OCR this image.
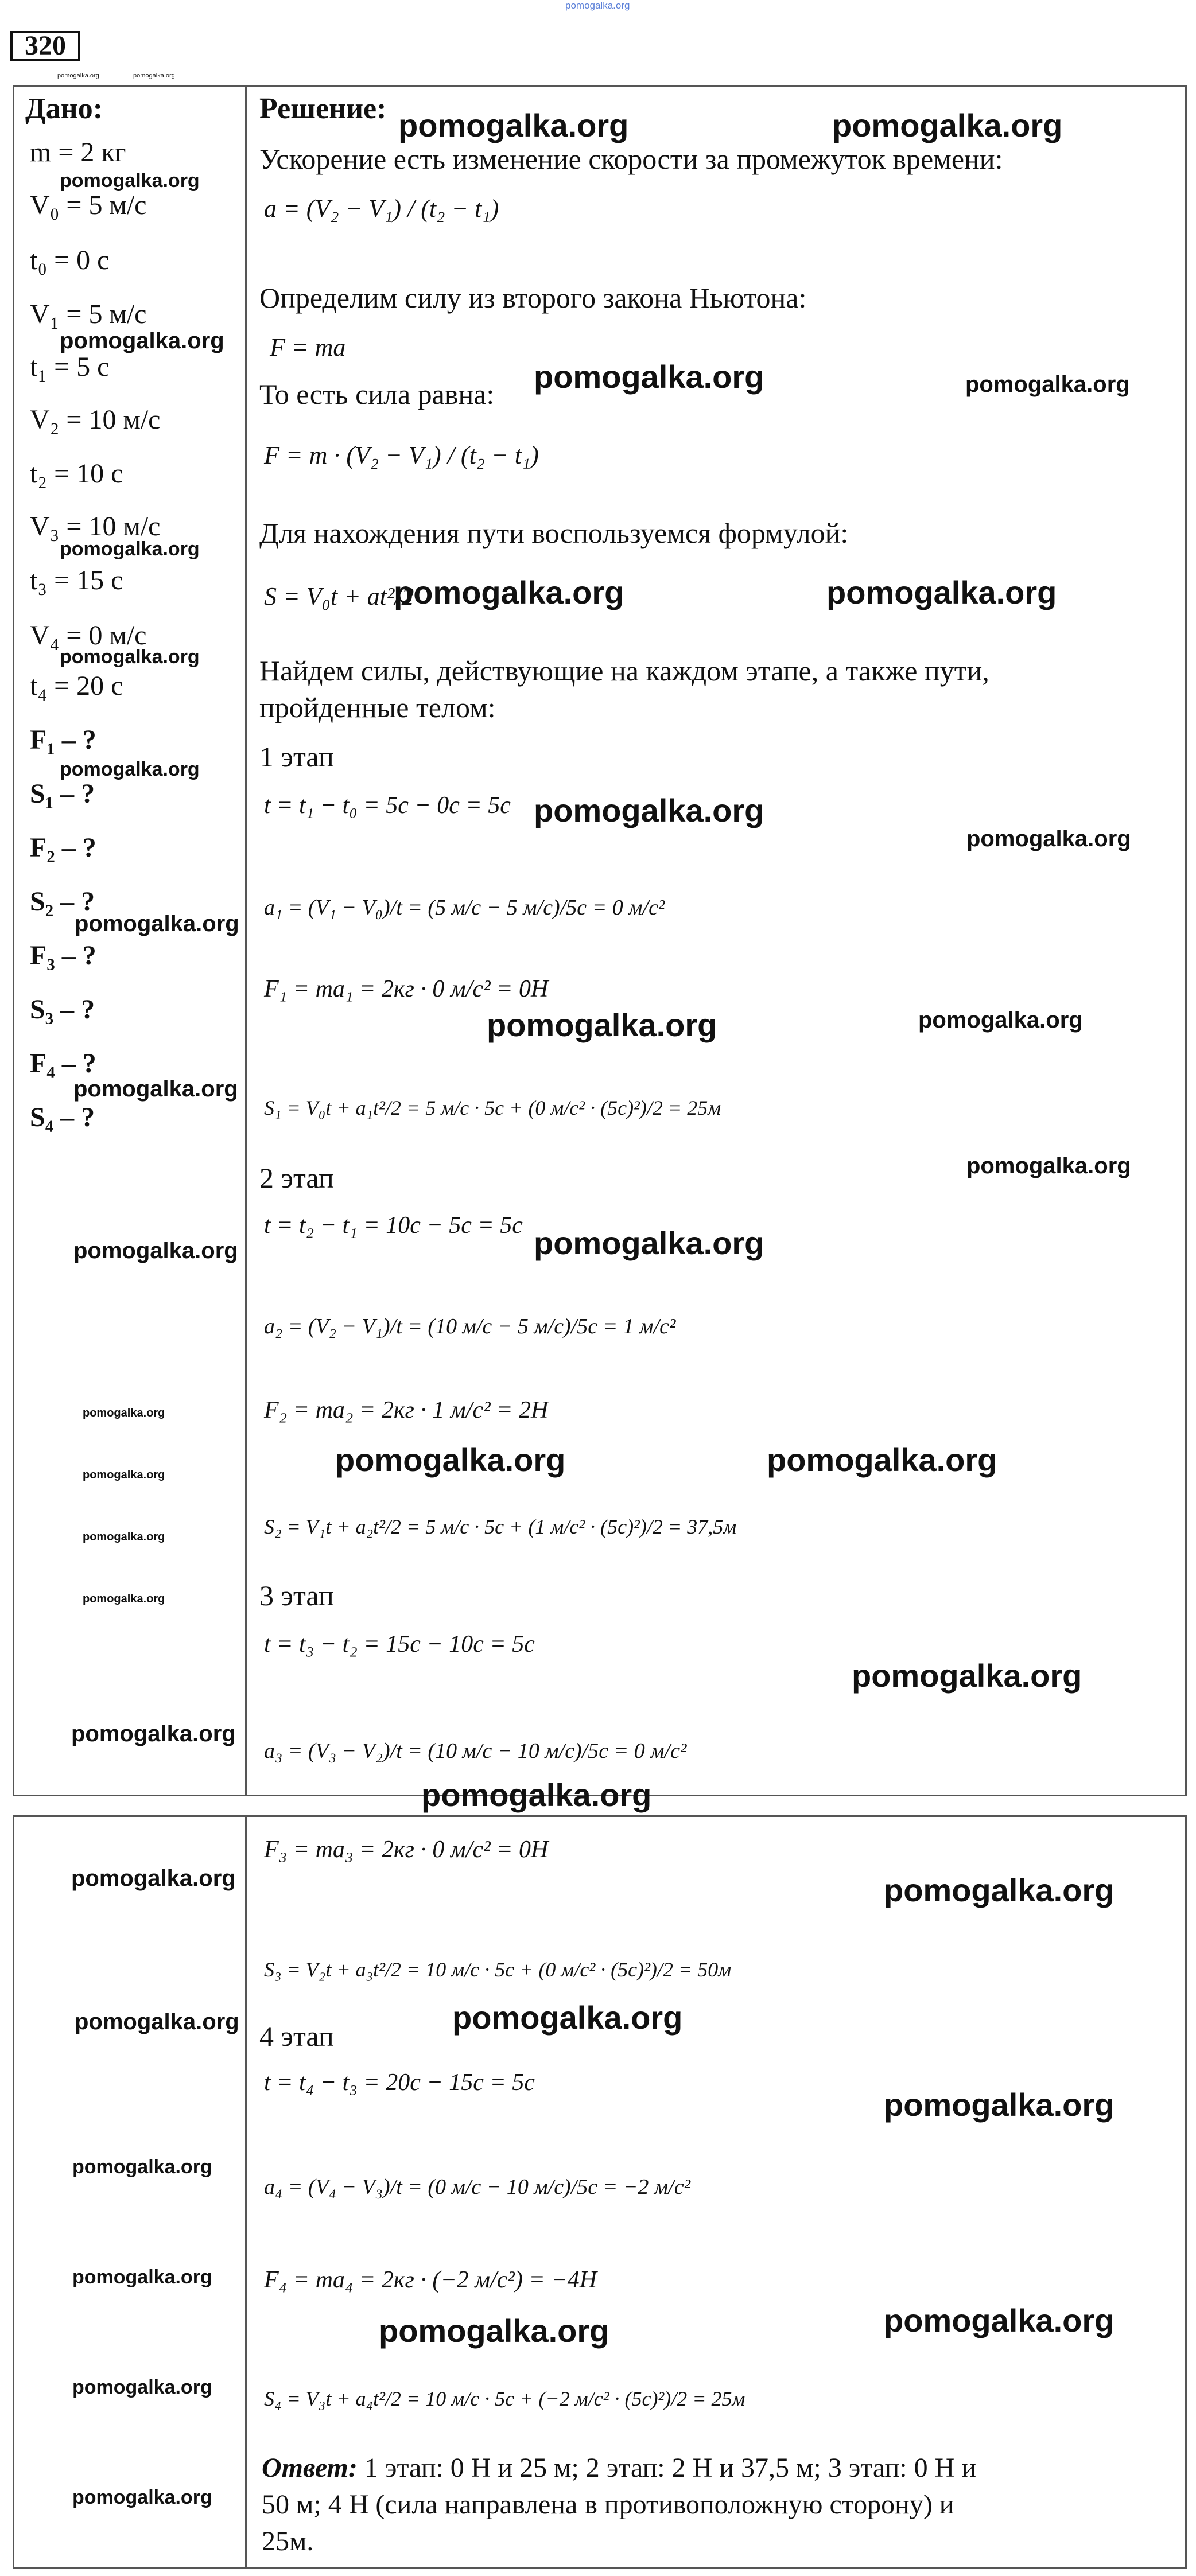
pomogalka.org
320
pomogalka.org	pomogalka.org
Дано:
m = 2 кг
V₀ = 5 м/с
t₀ = 0 с
V₁ = 5 м/с
t₁ = 5 с
V₂ = 10 м/с
t₂ = 10 с
V₃ = 10 м/с
t₃ = 15 с
V₄ = 0 м/с
t₄ = 20 с
F₁ – ?
S₁ – ?
F₂ – ?
S₂ – ?
F₃ – ?
S₃ – ?
F₄ – ?
S₄ – ?
Решение:
Ускорение есть изменение скорости за промежуток времени:
a = (V₂ − V₁) / (t₂ − t₁)
Определим силу из второго закона Ньютона:
F = ma
То есть сила равна:
F = m · (V₂ − V₁) / (t₂ − t₁)
Для нахождения пути воспользуемся формулой:
S = V₀t + at²/2
Найдем силы, действующие на каждом этапе, а также пути,
пройденные телом:
1 этап
t = t₁ − t₀ = 5с − 0с = 5с
a₁ = (V₁ − V₀)/t = (5 м/с − 5 м/с)/5с = 0 м/с²
F₁ = ma₁ = 2кг · 0 м/с² = 0Н
S₁ = V₀t + a₁t²/2 = 5 м/с · 5с + (0 м/с² · (5с)²)/2 = 25м
2 этап
t = t₂ − t₁ = 10с − 5с = 5с
a₂ = (V₂ − V₁)/t = (10 м/с − 5 м/с)/5с = 1 м/с²
F₂ = ma₂ = 2кг · 1 м/с² = 2Н
S₂ = V₁t + a₂t²/2 = 5 м/с · 5с + (1 м/с² · (5с)²)/2 = 37,5м
3 этап
t = t₃ − t₂ = 15с − 10с = 5с
a₃ = (V₃ − V₂)/t = (10 м/с − 10 м/с)/5с = 0 м/с²
F₃ = ma₃ = 2кг · 0 м/с² = 0Н
S₃ = V₂t + a₃t²/2 = 10 м/с · 5с + (0 м/с² · (5с)²)/2 = 50м
4 этап
t = t₄ − t₃ = 20с − 15с = 5с
a₄ = (V₄ − V₃)/t = (0 м/с − 10 м/с)/5с = −2 м/с²
F₄ = ma₄ = 2кг · (−2 м/с²) = −4Н
S₄ = V₃t + a₄t²/2 = 10 м/с · 5с + (−2 м/с² · (5с)²)/2 = 25м
Ответ: 1 этап: 0 Н и 25 м; 2 этап: 2 Н и 37,5 м; 3 этап: 0 Н и
50 м; 4 Н (сила направлена в противоположную сторону) и
25м.
pomogalka.org	pomogalka.org
pomogalka.org
pomogalka.org
pomogalka.org	pomogalka.org
pomogalka.org
pomogalka.org	pomogalka.org
pomogalka.org
pomogalka.org
pomogalka.org
pomogalka.org
pomogalka.org
pomogalka.org	pomogalka.org
pomogalka.org
pomogalka.org
pomogalka.org	pomogalka.org
pomogalka.org
pomogalka.org	pomogalka.org
pomogalka.org
pomogalka.org
pomogalka.org
pomogalka.org
pomogalka.org
pomogalka.org
pomogalka.org	pomogalka.org
pomogalka.org
pomogalka.org
pomogalka.org
pomogalka.org
pomogalka.org
pomogalka.org	pomogalka.org
pomogalka.org
pomogalka.org
